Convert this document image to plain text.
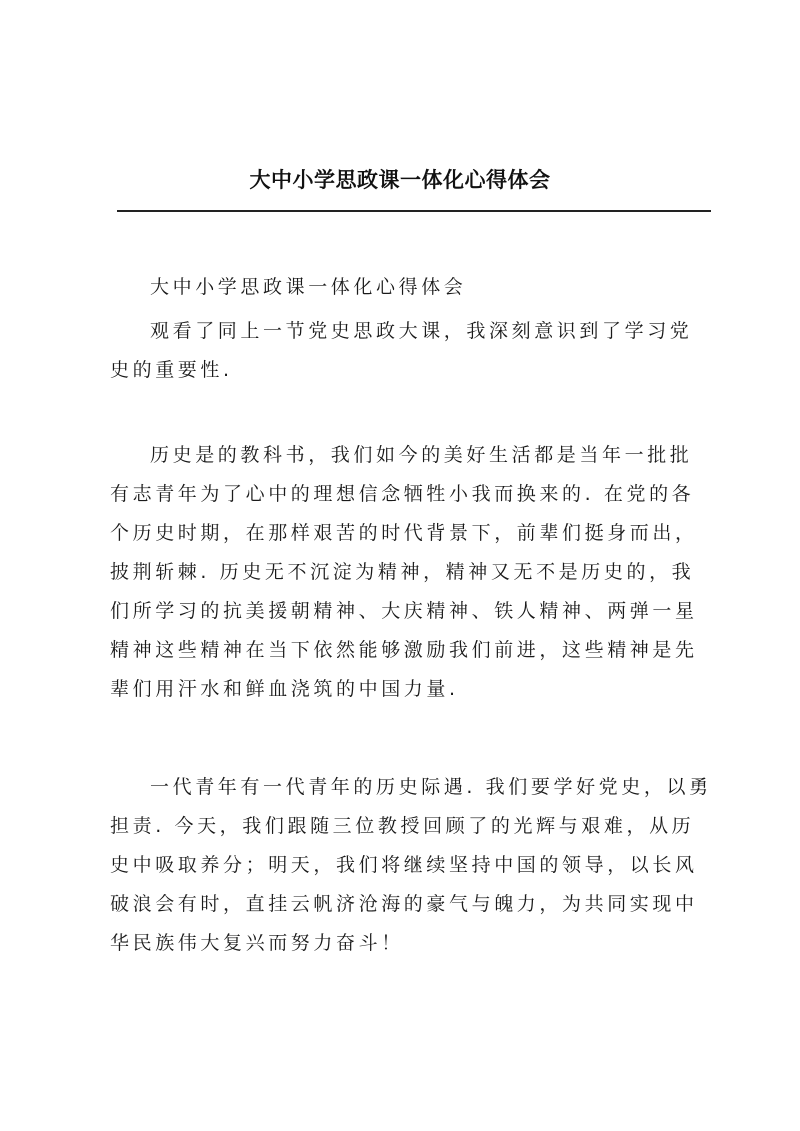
大中小学思政课一体化心得体会

大中小学思政课一体化心得体会

观看了同上一节党史思政大课，我深刻意识到了学习党史的重要性.

历史是的教科书，我们如今的美好生活都是当年一批批有志青年为了心中的理想信念牺牲小我而换来的. 在党的各个历史时期，在那样艰苦的时代背景下，前辈们挺身而出，披荆斩棘. 历史无不沉淀为精神，精神又无不是历史的，我们所学习的抗美援朝精神、大庆精神、铁人精神、两弹一星精神这些精神在当下依然能够激励我们前进，这些精神是先辈们用汗水和鲜血浇筑的中国力量.

一代青年有一代青年的历史际遇. 我们要学好党史，以勇担责. 今天，我们跟随三位教授回顾了的光辉与艰难，从历史中吸取养分；明天，我们将继续坚持中国的领导，以长风破浪会有时，直挂云帆济沧海的豪气与魄力，为共同实现中华民族伟大复兴而努力奋斗！
